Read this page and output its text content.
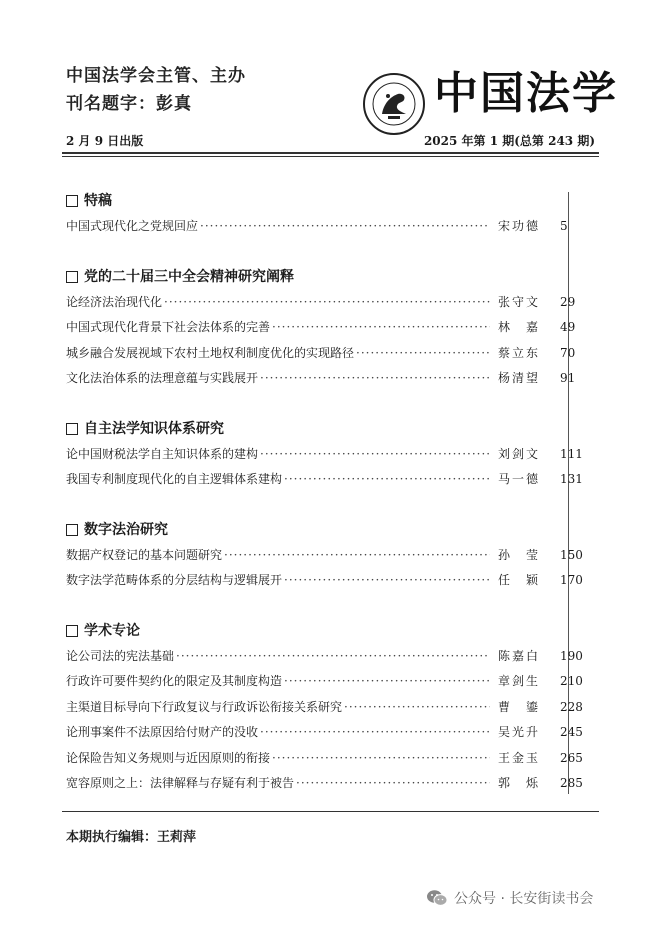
中国法学会主管、主办
刊名题字：彭真	中国法学
2 月 9 日出版	2025 年第 1 期(总第 243 期)
特稿
中国式现代化之党规回应 ·····	宋功德	5
党的二十届三中全会精神研究阐释
论经济法治现代化 ·····	张守文	29
中国式现代化背景下社会法体系的完善 ·····	林　嘉	49
城乡融合发展视域下农村土地权利制度优化的实现路径 ·····	蔡立东	70
文化法治体系的法理意蕴与实践展开 ·····	杨清望	91
自主法学知识体系研究
论中国财税法学自主知识体系的建构 ·····	刘剑文	111
我国专利制度现代化的自主逻辑体系建构 ·····	马一德	131
数字法治研究
数据产权登记的基本问题研究 ·····	孙　莹	150
数字法学范畴体系的分层结构与逻辑展开 ·····	任　颖	170
学术专论
论公司法的宪法基础 ·····	陈嘉白	190
行政许可要件契约化的限定及其制度构造 ·····	章剑生	210
主渠道目标导向下行政复议与行政诉讼衔接关系研究 ·····	曹　鎏	228
论刑事案件不法原因给付财产的没收 ·····	吴光升	245
论保险告知义务规则与近因原则的衔接 ·····	王金玉	265
宽容原则之上：法律解释与存疑有利于被告 ·····	郭　烁	285
本期执行编辑：王莉萍
公众号 · 长安街读书会
